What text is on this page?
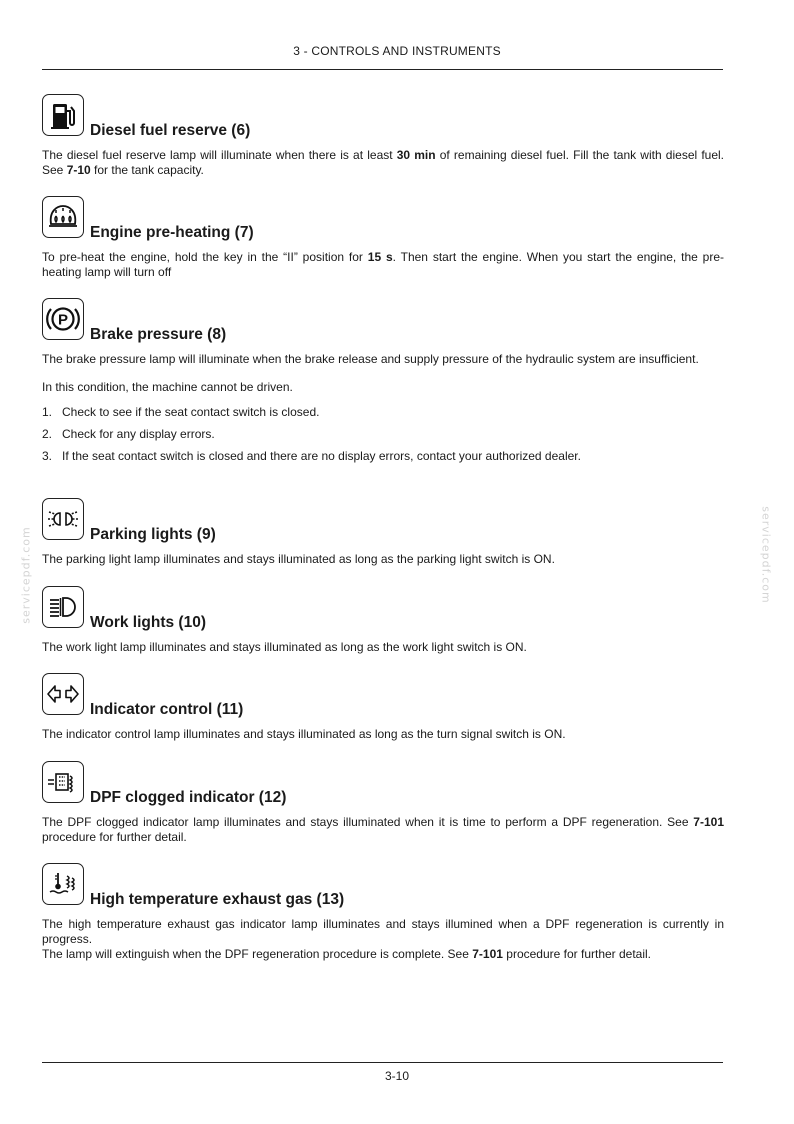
3 - CONTROLS AND INSTRUMENTS
servicepdf.com	servicepdf.com
Diesel fuel reserve (6)

The diesel fuel reserve lamp will illuminate when there is at least 30 min of remaining diesel fuel. Fill the tank with diesel fuel. See 7-10 for the tank capacity.

Engine pre-heating (7)

To pre-heat the engine, hold the key in the “II” position for 15 s. Then start the engine. When you start the engine, the pre-heating lamp will turn off

P
Brake pressure (8)

The brake pressure lamp will illuminate when the brake release and supply pressure of the hydraulic system are insufficient.

In this condition, the machine cannot be driven.

1. Check to see if the seat contact switch is closed.
2. Check for any display errors.
3. If the seat contact switch is closed and there are no display errors, contact your authorized dealer.
Parking lights (9)

The parking light lamp illuminates and stays illuminated as long as the parking light switch is ON.

Work lights (10)

The work light lamp illuminates and stays illuminated as long as the work light switch is ON.

Indicator control (11)

The indicator control lamp illuminates and stays illuminated as long as the turn signal switch is ON.

DPF clogged indicator (12)

The DPF clogged indicator lamp illuminates and stays illuminated when it is time to perform a DPF regeneration. See 7-101 procedure for further detail.

High temperature exhaust gas (13)

The high temperature exhaust gas indicator lamp illuminates and stays illumined when a DPF regeneration is currently in progress.

The lamp will extinguish when the DPF regeneration procedure is complete. See 7-101 procedure for further detail.

3-10
